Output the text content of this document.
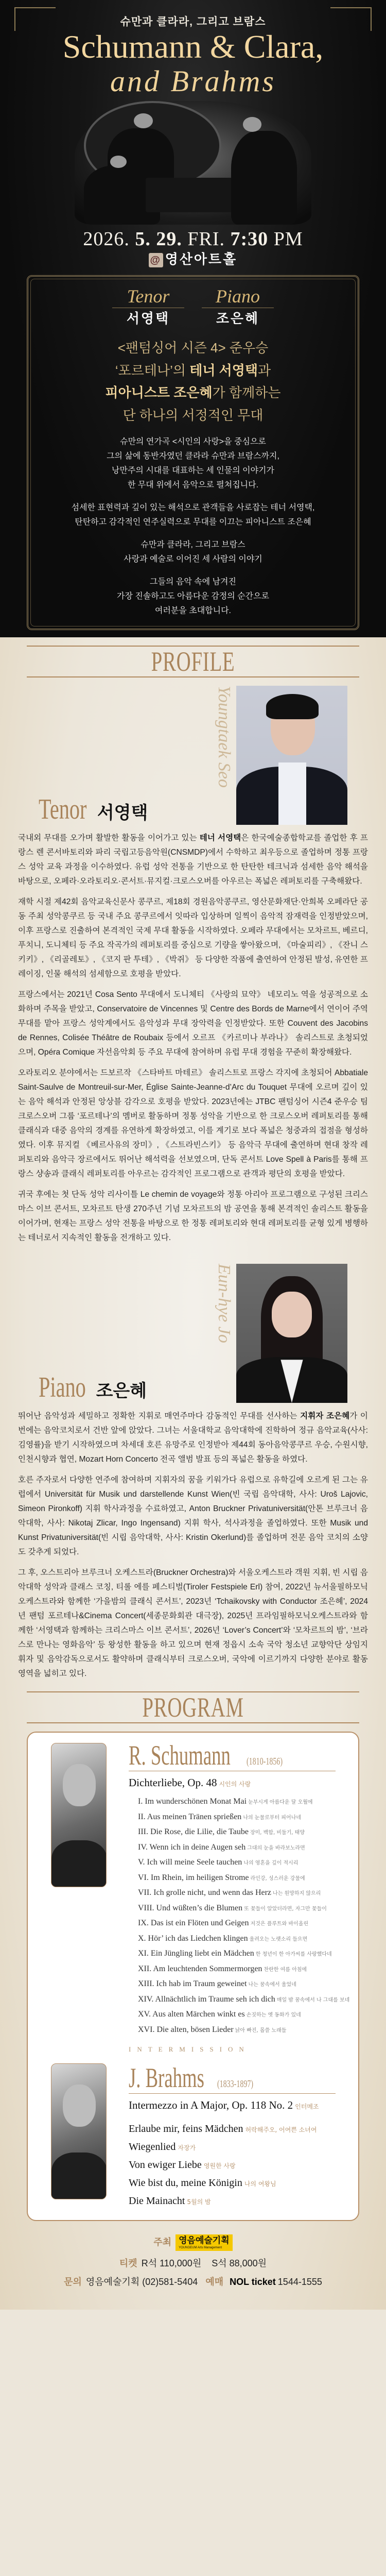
슈만과 클라라, 그리고 브람스
Schumann & Clara,
and Brahms
2026. 5. 29. FRI. 7:30 PM
@ 영산아트홀
Tenor
서영택
Piano
조은혜
<팬텀싱어 시즌 4> 준우승
‘포르테나’의 테너 서영택과
피아니스트 조은혜가 함께하는
단 하나의 서정적인 무대
슈만의 연가곡 <시인의 사랑>을 중심으로
그의 삶에 동반자였던 클라라 슈만과 브람스까지,
낭만주의 시대를 대표하는 세 인물의 이야기가
한 무대 위에서 음악으로 펼쳐집니다.
섬세한 표현력과 깊이 있는 해석으로 관객들을 사로잡는 테너 서영택,
탄탄하고 감각적인 연주실력으로 무대를 이끄는 피아니스트 조은혜
슈만과 클라라, 그리고 브람스
사랑과 예술로 이어진 세 사람의 이야기
그들의 음악 속에 남겨진
가장 진솔하고도 아름다운 감정의 순간으로
여러분을 초대합니다.
PROFILE
Youngtaek Seo
Tenor 서영택
국내외 무대를 오가며 활발한 활동을 이어가고 있는 테너 서영택은 한국예술종합학교를 졸업한 후 프랑스 렌 콘서바토리와 파리 국립고등음악원(CNSMDP)에서 수학하고 최우등으로 졸업하며 정통 프랑스 성악 교육 과정을 이수하였다. 유럽 성악 전통을 기반으로 한 탄탄한 테크닉과 섬세한 음악 해석을 바탕으로, 오페라·오라토리오·콘서트·뮤지컬·크로스오버를 아우르는 폭넓은 레퍼토리를 구축해왔다.
재학 시절 제42회 음악교육신문사 콩쿠르, 제18회 경원음악콩쿠르, 영산문화재단·안희복 오페라단 공동 주최 성악콩쿠르 등 국내 주요 콩쿠르에서 잇따라 입상하며 일찍이 음악적 잠재력을 인정받았으며, 이후 프랑스로 진출하여 본격적인 국제 무대 활동을 시작하였다. 오페라 무대에서는 모차르트, 베르디, 푸치니, 도니체티 등 주요 작곡가의 레퍼토리를 중심으로 기량을 쌓아왔으며, 《마술피리》, 《잔니 스키키》, 《리골레토》, 《코지 판 투테》, 《박쥐》 등 다양한 작품에 출연하여 안정된 발성, 유연한 프레이징, 인물 해석의 섬세함으로 호평을 받았다.
프랑스에서는 2021년 Cosa Sento 무대에서 도니체티 《사랑의 묘약》 네모리노 역을 성공적으로 소화하며 주목을 받았고, Conservatoire de Vincennes 및 Centre des Bords de Marne에서 연이어 주역 무대를 맡아 프랑스 성악계에서도 음악성과 무대 장악력을 인정받았다. 또한 Couvent des Jacobins de Rennes, Colisée Théâtre de Roubaix 등에서 오르프 《카르미나 부라나》 솔리스트로 초청되었으며, Opéra Comique 자선음악회 등 주요 무대에 참여하며 유럽 무대 경험을 꾸준히 확장해왔다.
오라토리오 분야에서는 드보르작 《스타바트 마테르》 솔리스트로 프랑스 각지에 초청되어 Abbatiale Saint-Saulve de Montreuil-sur-Mer, Église Sainte-Jeanne-d’Arc du Touquet 무대에 오르며 깊이 있는 음악 해석과 안정된 앙상블 감각으로 호평을 받았다. 2023년에는 JTBC 팬텀싱어 시즌4 준우승 팀 크로스오버 그룹 ‘포르테나’의 멤버로 활동하며 정통 성악을 기반으로 한 크로스오버 레퍼토리를 통해 클래식과 대중 음악의 경계를 유연하게 확장하였고, 이를 계기로 보다 폭넓은 청중과의 접점을 형성하였다. 이후 뮤지컬 《베르사유의 장미》, 《스트라빈스키》 등 음악극 무대에 출연하며 현대 창작 레퍼토리와 음악극 장르에서도 뛰어난 해석력을 선보였으며, 단독 콘서트 Love Spell à Paris를 통해 프랑스 샹송과 클래식 레퍼토리를 아우르는 감각적인 프로그램으로 관객과 평단의 호평을 받았다.
귀국 후에는 첫 단독 성악 리사이틀 Le chemin de voyage와 정통 아리아 프로그램으로 구성된 크리스마스 이브 콘서트, 모차르트 탄생 270주년 기념 모차르트의 밤 공연을 통해 본격적인 솔리스트 활동을 이어가며, 현재는 프랑스 성악 전통을 바탕으로 한 정통 레퍼토리와 현대 레퍼토리를 균형 있게 병행하는 테너로서 지속적인 활동을 전개하고 있다.
Eun-hye Jo
Piano 조은혜
뛰어난 음악성과 세밀하고 정확한 지휘로 매연주마다 감동적인 무대를 선사하는 지휘자 조은혜가 이번에는 음악코치로서 건반 앞에 앉았다. 그녀는 서울대학교 음악대학에 진학하여 정규 음악교육(사사:김영률)을 받기 시작하였으며 차세대 호른 유망주로 인정받아 제44회 동아음악콩쿠르 우승, 수원시향, 인천시향과 협연, Mozart Horn Concerto 전곡 앨범 발표 등의 폭넓은 활동을 하였다.
호른 주자로서 다양한 연주에 참여하며 지휘자의 꿈을 키워가다 유럽으로 유학길에 오르게 된 그는 유럽에서 Universität für Musik und darstellende Kunst Wien(빈 국립 음악대학, 사사: Uroš Lajovic, Simeon Pironkoff) 지휘 학사과정을 수료하였고, Anton Bruckner Privatuniversität(안톤 브루크너 음악대학, 사사: Nikotaj Zlicar, Ingo Ingensand) 지휘 학사, 석사과정을 졸업하였다. 또한 Musik und Kunst Privatuniversität(빈 시립 음악대학, 사사: Kristin Okerlund)를 졸업하며 전문 음악 코치의 소양도 갖추게 되었다.
그 후, 오스트리아 브루크너 오케스트라(Bruckner Orchestra)와 서울오케스트라 객원 지휘, 빈 시립 음악대학 성악과 클래스 코칭, 티롤 에를 페스티벌(Tiroler Festspiele Erl) 참여, 2022년 뉴서울필하모닉오케스트라와 함께한 ‘가을밤의 클래식 콘서트’, 2023년 ‘Tchaikovsky with Conductor 조은혜’, 2024년 팬텀 포르테나&Cinema Concert(세종문화회관 대극장), 2025년 프라임필하모닉오케스트라와 함께한 ‘서영택과 함께하는 크리스마스 이브 콘서트’, 2026년 ‘Lover’s Concert’와 ‘모차르트의 밤’, ‘브라스로 만나는 영화음악’ 등 왕성한 활동을 하고 있으며 현재 정읍시 소속 국악 청소년 교향악단 상임지휘자 및 음악감독으로서도 활약하며 클래식부터 크로스오버, 국악에 이르기까지 다양한 분야로 활동영역을 넓히고 있다.
PROGRAM
R. Schumann (1810-1856)
Dichterliebe, Op. 48 시인의 사랑
I. Im wunderschönen Monat Mai 눈부시게 아름다운 달 오월에
II. Aus meinen Tränen sprießen 나의 눈물로부터 피어나네
III. Die Rose, die Lilie, die Taube 장미, 백합, 비둘기, 태양
IV. Wenn ich in deine Augen seh 그대의 눈을 바라보노라면
V. Ich will meine Seele tauchen 나의 영혼을 깊이 적시리
VI. Im Rhein, im heiligen Strome 라인강, 성스러운 강물에
VII. Ich grolle nicht, und wenn das Herz 나는 원망하지 않으리
VIII. Und wüßten’s die Blumen 또 꽃들이 알았더라면, 자그만 꽃들이
IX. Das ist ein Flöten und Geigen 저것은 플루트와 바이올린
X. Hör’ ich das Liedchen klingen 울려오는 노랫소리 들으면
XI. Ein Jüngling liebt ein Mädchen 한 청년이 한 아가씨를 사랑했다네
XII. Am leuchtenden Sommermorgen 찬란한 여름 아침에
XIII. Ich hab im Traum geweinet 나는 꿈속에서 울었네
XIV. Allnächtlich im Traume seh ich dich 매일 밤 꿈속에서 나 그대를 보네
XV. Aus alten Märchen winkt es 손짓하는 옛 동화가 있네
XVI. Die alten, bösen Lieder 낡아 빠진, 몹쓸 노래들
INTERMISSION
J. Brahms (1833-1897)
Intermezzo in A Major, Op. 118 No. 2 인터메조
Erlaube mir, feins Mädchen 허락해주오, 어여쁜 소녀여
Wiegenlied 자장가
Von ewiger Liebe 영원한 사랑
Wie bist du, meine Königin 나의 여왕님
Die Mainacht 5월의 밤
주최 영음예술기획
YOUNGEUM Arts Management
티켓 R석 110,000원 S석 88,000원
문의 영음예술기획 (02)581-5404 예매 NOL ticket 1544-1555
